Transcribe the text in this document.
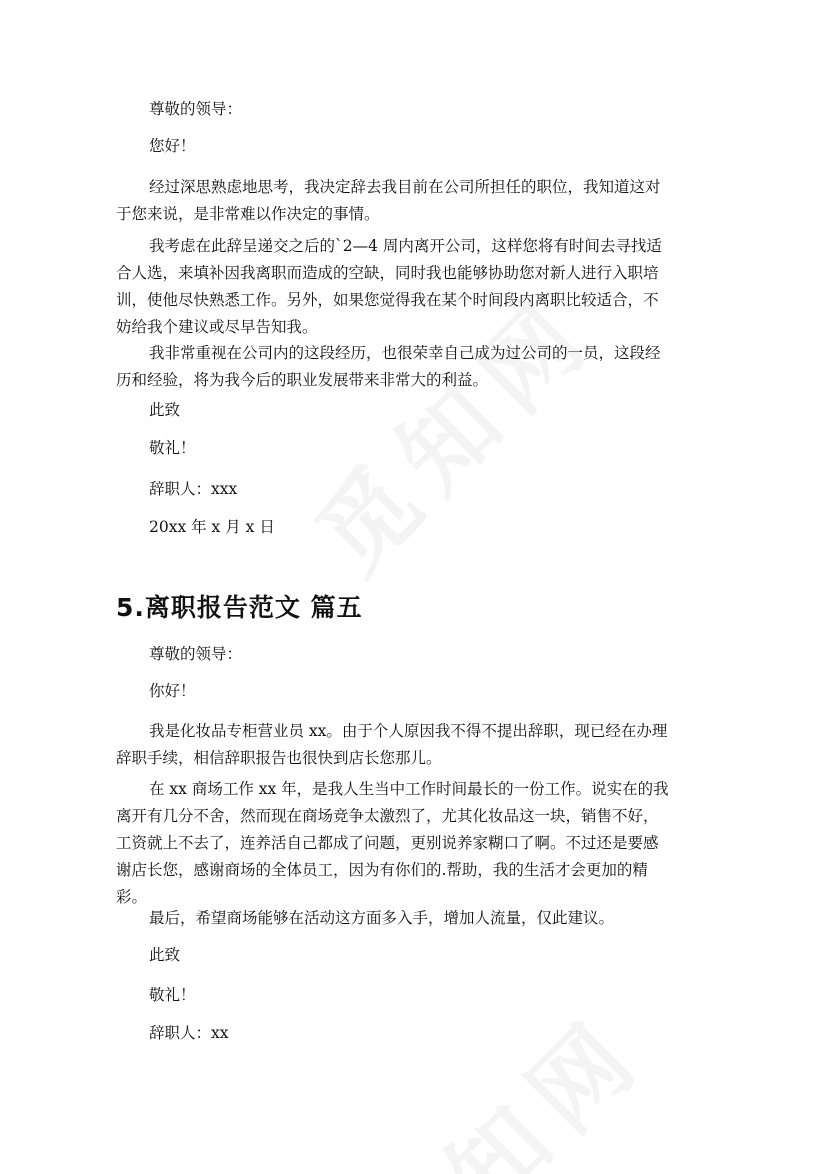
尊敬的领导：

您好！

经过深思熟虑地思考，我决定辞去我目前在公司所担任的职位，我知道这对
于您来说，是非常难以作决定的事情。
我考虑在此辞呈递交之后的`2—4 周内离开公司，这样您将有时间去寻找适
合人选，来填补因我离职而造成的空缺，同时我也能够协助您对新人进行入职培
训，使他尽快熟悉工作。另外，如果您觉得我在某个时间段内离职比较适合，不
妨给我个建议或尽早告知我。
我非常重视在公司内的这段经历，也很荣幸自己成为过公司的一员，这段经
历和经验，将为我今后的职业发展带来非常大的利益。

此致

敬礼！

辞职人：xxx

20xx 年 x 月 x 日

5.离职报告范文 篇五

尊敬的领导：

你好！

我是化妆品专柜营业员 xx。由于个人原因我不得不提出辞职，现已经在办理
辞职手续，相信辞职报告也很快到店长您那儿。
在 xx 商场工作 xx 年，是我人生当中工作时间最长的一份工作。说实在的我
离开有几分不舍，然而现在商场竞争太激烈了，尤其化妆品这一块，销售不好，
工资就上不去了，连养活自己都成了问题，更别说养家糊口了啊。不过还是要感
谢店长您，感谢商场的全体员工，因为有你们的.帮助，我的生活才会更加的精
彩。
最后，希望商场能够在活动这方面多入手，增加人流量，仅此建议。

此致

敬礼！

辞职人：xx
